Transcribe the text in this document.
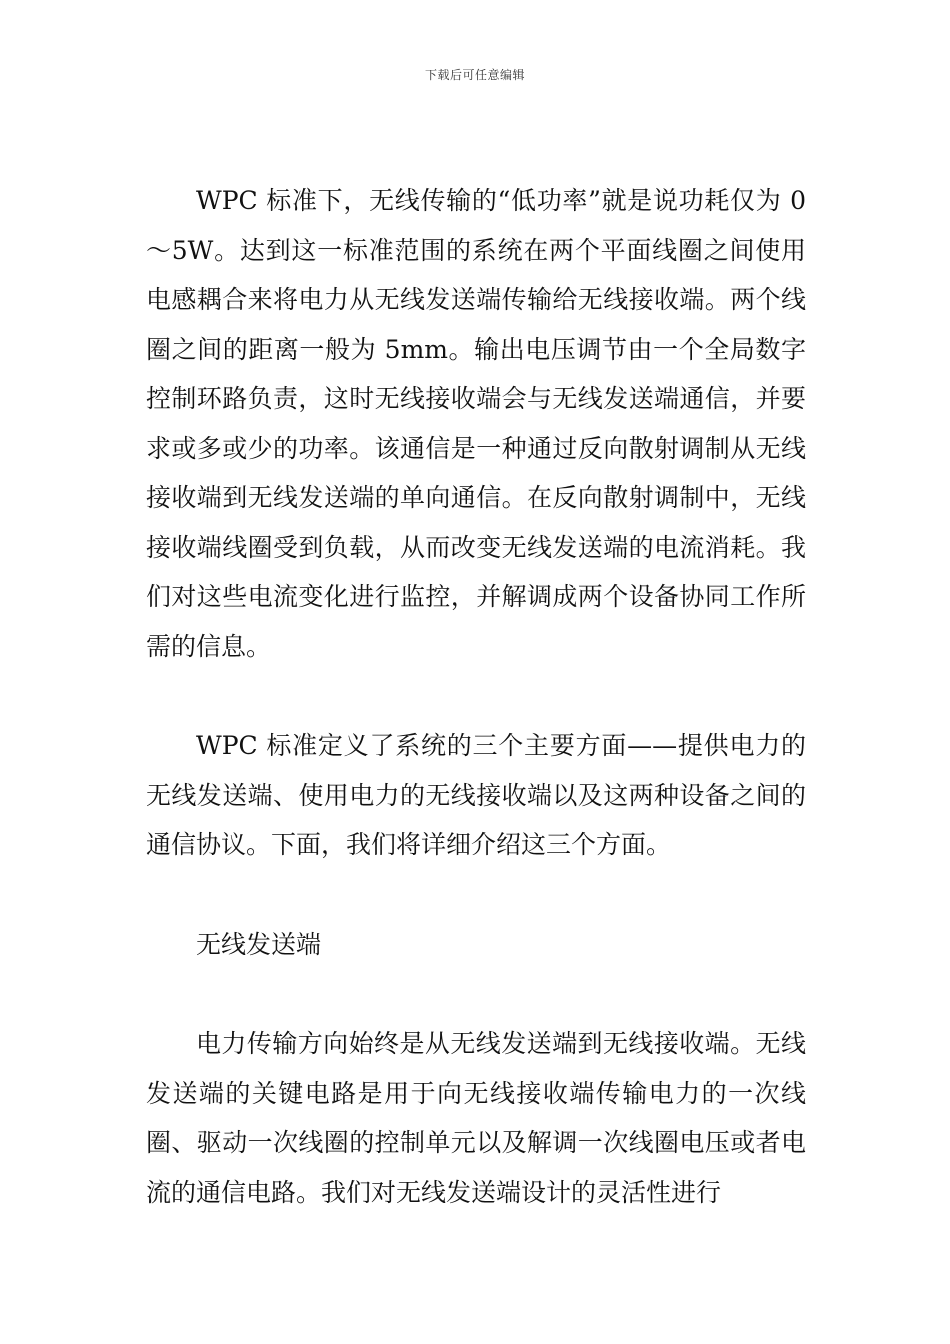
下载后可任意编辑

WPC 标准下，无线传输的“低功率”就是说功耗仅为 0～5W。达到这一标准范围的系统在两个平面线圈之间使用电感耦合来将电力从无线发送端传输给无线接收端。两个线圈之间的距离一般为 5mm。输出电压调节由一个全局数字控制环路负责，这时无线接收端会与无线发送端通信，并要求或多或少的功率。该通信是一种通过反向散射调制从无线接收端到无线发送端的单向通信。在反向散射调制中，无线接收端线圈受到负载，从而改变无线发送端的电流消耗。我们对这些电流变化进行监控，并解调成两个设备协同工作所需的信息。

WPC 标准定义了系统的三个主要方面——提供电力的无线发送端、使用电力的无线接收端以及这两种设备之间的通信协议。下面，我们将详细介绍这三个方面。

无线发送端

电力传输方向始终是从无线发送端到无线接收端。无线发送端的关键电路是用于向无线接收端传输电力的一次线圈、驱动一次线圈的控制单元以及解调一次线圈电压或者电流的通信电路。我们对无线发送端设计的灵活性进行
